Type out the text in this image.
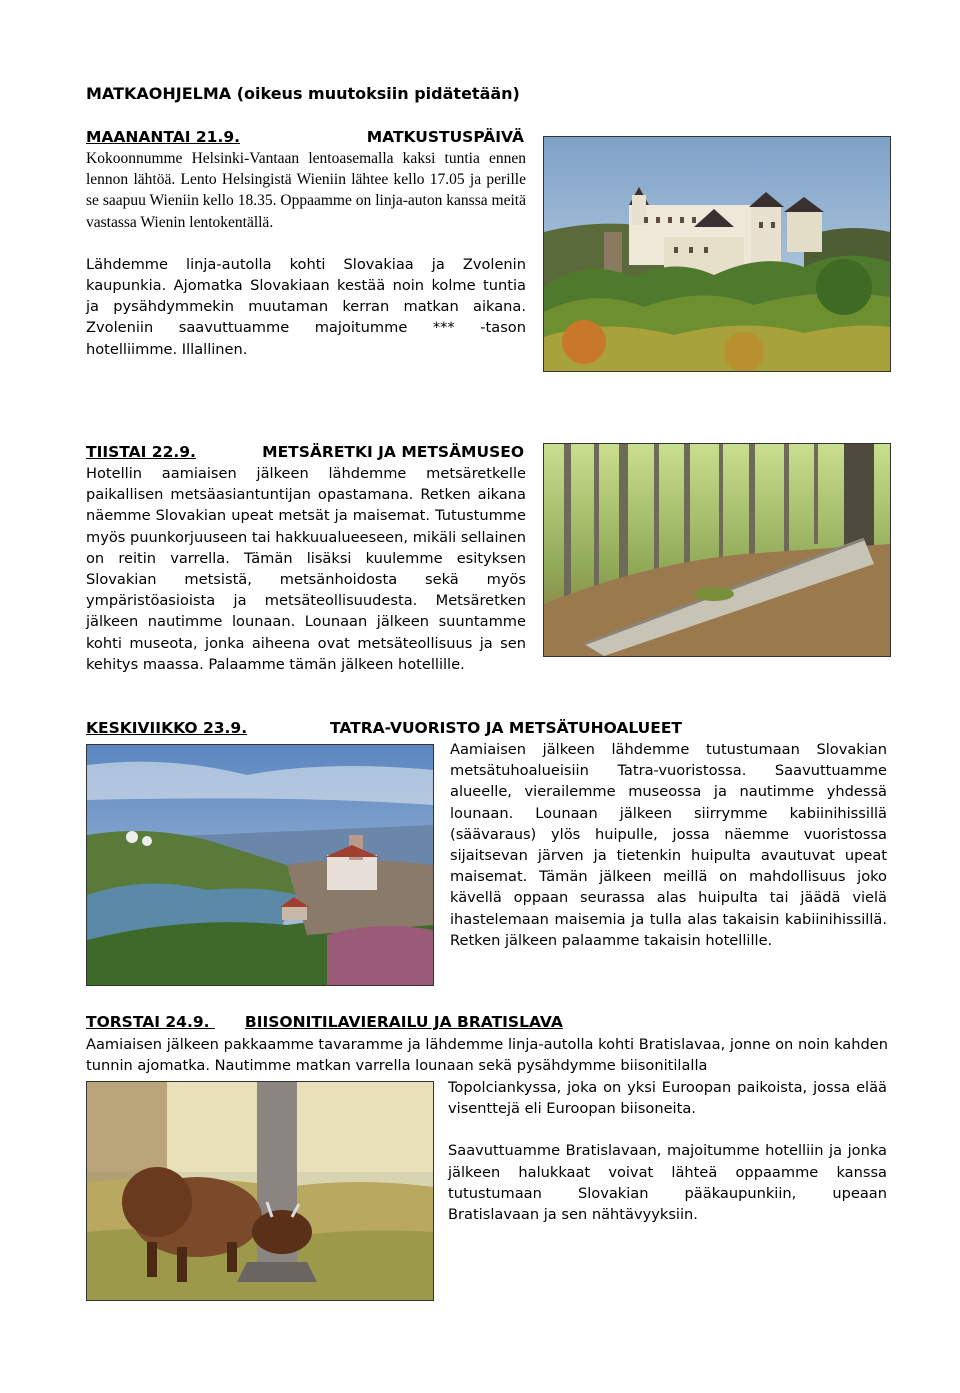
MATKAOHJELMA (oikeus muutoksiin pidätetään)
MAANANTAI 21.9.	MATKUSTUSPÄIVÄ

Kokoonnumme Helsinki-Vantaan lentoasemalla kaksi tuntia ennen lennon lähtöä. Lento Helsingistä Wieniin lähtee kello 17.05 ja perille se saapuu Wieniin kello 18.35. Oppaamme on linja-auton kanssa meitä vastassa Wienin lentokentällä.

Lähdemme linja-autolla kohti Slovakiaa ja Zvolenin kaupunkia. Ajomatka Slovakiaan kestää noin kolme tuntia ja pysähdymmekin muutaman kerran matkan aikana. Zvoleniin saavuttuamme majoitumme *** -tason hotelliimme. Illallinen.

TIISTAI 22.9.	METSÄRETKI JA METSÄMUSEO

Hotellin aamiaisen jälkeen lähdemme metsäretkelle paikallisen metsäasiantuntijan opastamana. Retken aikana näemme Slovakian upeat metsät ja maisemat. Tutustumme myös puunkorjuuseen tai hakkuualueeseen, mikäli sellainen on reitin varrella. Tämän lisäksi kuulemme esityksen Slovakian metsistä, metsänhoidosta sekä myös ympäristöasioista ja metsäteollisuudesta. Metsäretken jälkeen nautimme lounaan. Lounaan jälkeen suuntamme kohti museota, jonka aiheena ovat metsäteollisuus ja sen kehitys maassa. Palaamme tämän jälkeen hotellille.

KESKIVIIKKO 23.9.	TATRA-VUORISTO JA METSÄTUHOALUEET

Aamiaisen jälkeen lähdemme tutustumaan Slovakian metsätuhoalueisiin Tatra-vuoristossa. Saavuttuamme alueelle, vierailemme museossa ja nautimme yhdessä lounaan. Lounaan jälkeen siirrymme kabiinihissillä (säävaraus) ylös huipulle, jossa näemme vuoristossa sijaitsevan järven ja tietenkin huipulta avautuvat upeat maisemat. Tämän jälkeen meillä on mahdollisuus joko kävellä oppaan seurassa alas huipulta tai jäädä vielä ihastelemaan maisemia ja tulla alas takaisin kabiinihissillä. Retken jälkeen palaamme takaisin hotellille.

TORSTAI 24.9. BIISONITILAVIERAILU JA BRATISLAVA

Aamiaisen jälkeen pakkaamme tavaramme ja lähdemme linja-autolla kohti Bratislavaa, jonne on noin kahden tunnin ajomatka. Nautimme matkan varrella lounaan sekä pysähdymme biisonitilalla

Topolciankyssa, joka on yksi Euroopan paikoista, jossa elää visenttejä eli Euroopan biisoneita.

Saavuttuamme Bratislavaan, majoitumme hotelliin ja jonka jälkeen halukkaat voivat lähteä oppaamme kanssa tutustumaan Slovakian pääkaupunkiin, upeaan Bratislavaan ja sen nähtävyyksiin.
